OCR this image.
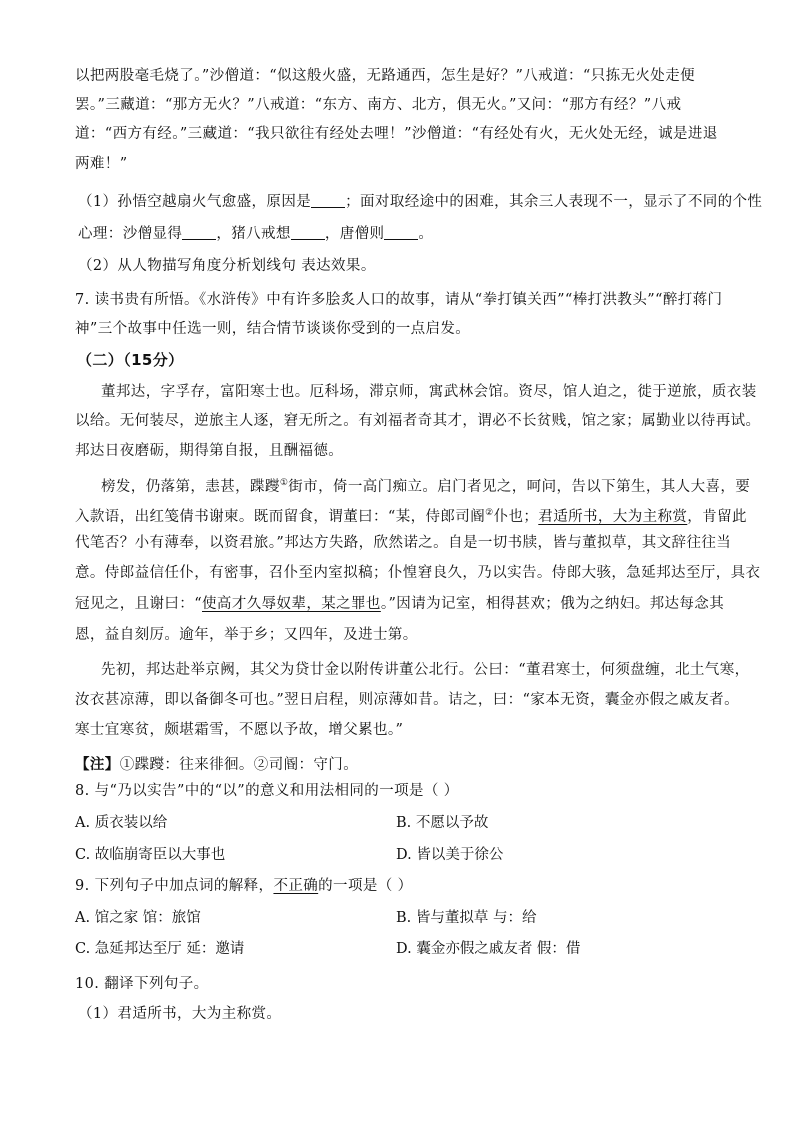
以把两股毫毛烧了。”沙僧道：“似这般火盛，无路通西，怎生是好？”八戒道：“只拣无火处走便
罢。”三藏道：“那方无火？”八戒道：“东方、南方、北方，俱无火。”又问：“那方有经？”八戒
道：“西方有经。”三藏道：“我只欲往有经处去哩！”沙僧道：“有经处有火，无火处无经，诚是进退
两难！”
（1）孙悟空越扇火气愈盛，原因是 ；面对取经途中的困难，其余三人表现不一，显示了不同的个性
心理：沙僧显得 ，猪八戒想 ，唐僧则 。
（2）从人物描写角度分析划线句 表达效果。
7. 读书贵有所悟。《水浒传》中有许多脍炙人口的故事，请从“拳打镇关西”“棒打洪教头”“醉打蒋门
神”三个故事中任选一则，结合情节谈谈你受到的一点启发。
（二）（15分）
董邦达，字孚存，富阳寒士也。厄科场，滞京师，寓武林会馆。资尽，馆人迫之，徙于逆旅，质衣装
以给。无何装尽，逆旅主人逐，窘无所之。有刘福者奇其才，谓必不长贫贱，馆之家；属勤业以待再试。
邦达日夜磨砺，期得第自报，且酬福德。
榜发，仍落第，恚甚，蹀躞①街市，倚一高门痴立。启门者见之，呵问，告以下第生，其人大喜，要
入款语，出红笺倩书谢柬。既而留食，谓董曰：“某，侍郎司阍②仆也；君适所书，大为主称赏，肯留此
代笔否？小有薄奉，以资君旅。”邦达方失路，欣然诺之。自是一切书牍，皆与董拟草，其文辞往往当
意。侍郎益信任仆，有密事，召仆至内室拟稿；仆惶窘良久，乃以实告。侍郎大骇，急延邦达至厅，具衣
冠见之，且谢曰：“使高才久辱奴辈，某之罪也。”因请为记室，相得甚欢；俄为之纳妇。邦达每念其
恩，益自刻厉。逾年，举于乡；又四年，及进士第。
先初，邦达赴举京阙，其父为贷廿金以附传讲董公北行。公曰：“董君寒士，何须盘缠，北土气寒，
汝衣甚凉薄，即以备御冬可也。”翌日启程，则凉薄如昔。诘之，曰：“家本无资，囊金亦假之戚友者。
寒士宜寒贫，颇堪霜雪，不愿以予故，增父累也。”
【注】①蹀躞：往来徘徊。②司阍：守门。
8. 与“乃以实告”中的“以”的意义和用法相同的一项是（ ）
A. 质衣装以给	B. 不愿以予故
C. 故临崩寄臣以大事也	D. 皆以美于徐公
9. 下列句子中加点词的解释，不正确的一项是（ ）
A. 馆之家 馆：旅馆	B. 皆与董拟草 与：给
C. 急延邦达至厅 延：邀请	D. 囊金亦假之戚友者 假：借
10. 翻译下列句子。
（1）君适所书，大为主称赏。
